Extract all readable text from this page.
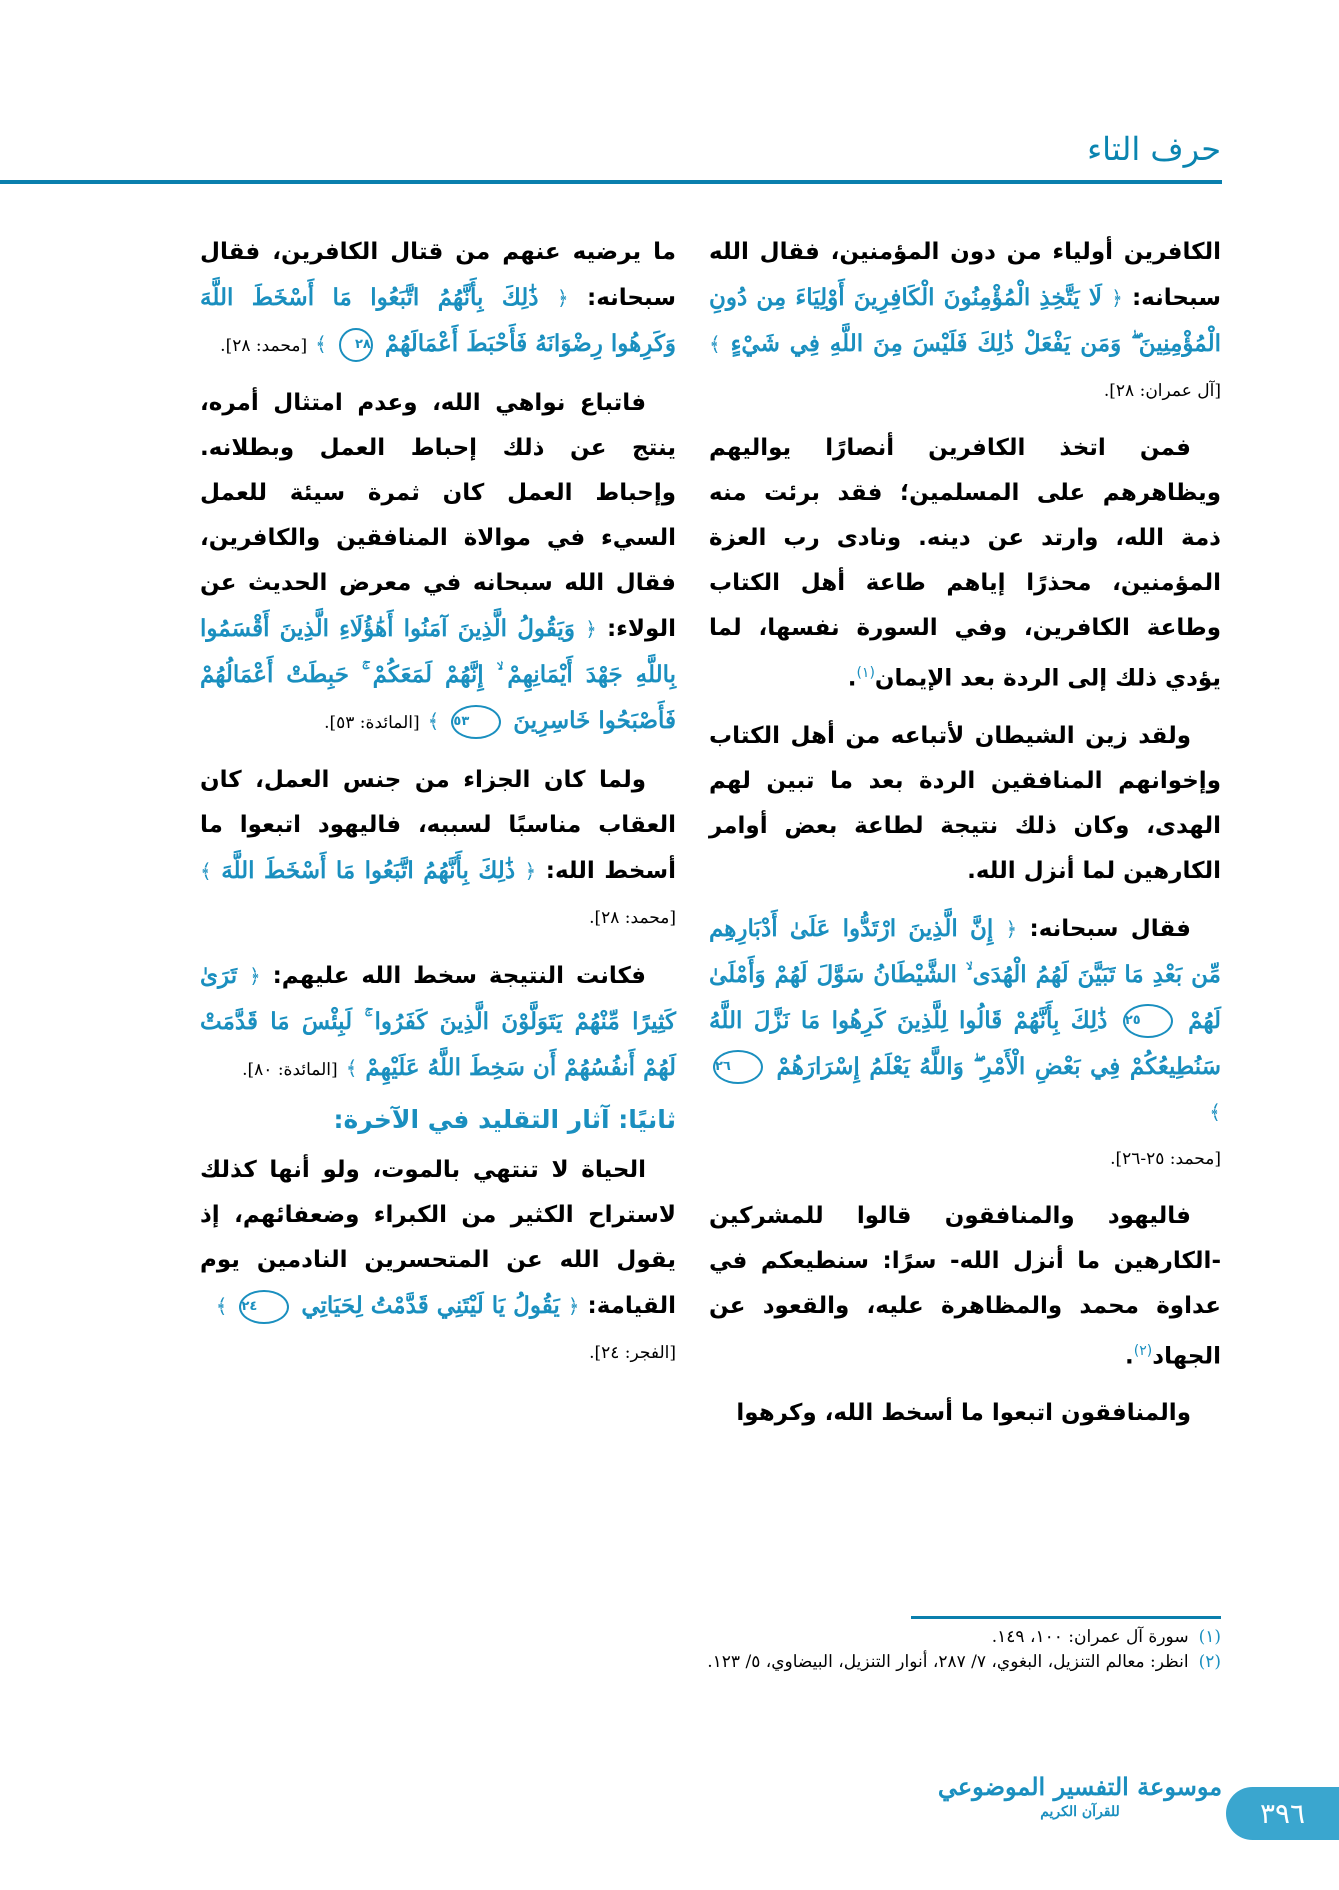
حرف التاء

الكافرين أولياء من دون المؤمنين، فقال الله سبحانه: ﴿ لَا يَتَّخِذِ الْمُؤْمِنُونَ الْكَافِرِينَ أَوْلِيَاءَ مِن دُونِ الْمُؤْمِنِينَ ۖ وَمَن يَفْعَلْ ذَٰلِكَ فَلَيْسَ مِنَ اللَّهِ فِي شَيْءٍ ﴾ [آل عمران: ٢٨].

فمن اتخذ الكافرين أنصارًا يواليهم ويظاهرهم على المسلمين؛ فقد برئت منه ذمة الله، وارتد عن دينه. ونادى رب العزة المؤمنين، محذرًا إياهم طاعة أهل الكتاب وطاعة الكافرين، وفي السورة نفسها، لما يؤدي ذلك إلى الردة بعد الإيمان$^{(١)}$.

ولقد زين الشيطان لأتباعه من أهل الكتاب وإخوانهم المنافقين الردة بعد ما تبين لهم الهدى، وكان ذلك نتيجة لطاعة بعض أوامر الكارهين لما أنزل الله.

فقال سبحانه: ﴿ إِنَّ الَّذِينَ ارْتَدُّوا عَلَىٰ أَدْبَارِهِم مِّن بَعْدِ مَا تَبَيَّنَ لَهُمُ الْهُدَى ۙ الشَّيْطَانُ سَوَّلَ لَهُمْ وَأَمْلَىٰ لَهُمْ ٢٥ ذَٰلِكَ بِأَنَّهُمْ قَالُوا لِلَّذِينَ كَرِهُوا مَا نَزَّلَ اللَّهُ سَنُطِيعُكُمْ فِي بَعْضِ الْأَمْرِ ۖ وَاللَّهُ يَعْلَمُ إِسْرَارَهُمْ ٢٦ ﴾
[محمد: ٢٥-٢٦].

فاليهود والمنافقون قالوا للمشركين -الكارهين ما أنزل الله- سرًا: سنطيعكم في عداوة محمد والمظاهرة عليه، والقعود عن الجهاد$^{(٢)}$.

والمنافقون اتبعوا ما أسخط الله، وكرهوا

ما يرضيه عنهم من قتال الكافرين، فقال سبحانه: ﴿ ذَٰلِكَ بِأَنَّهُمُ اتَّبَعُوا مَا أَسْخَطَ اللَّهَ وَكَرِهُوا رِضْوَانَهُ فَأَحْبَطَ أَعْمَالَهُمْ ٢٨ ﴾ [محمد: ٢٨].

فاتباع نواهي الله، وعدم امتثال أمره، ينتج عن ذلك إحباط العمل وبطلانه. وإحباط العمل كان ثمرة سيئة للعمل السيء في موالاة المنافقين والكافرين، فقال الله سبحانه في معرض الحديث عن الولاء: ﴿ وَيَقُولُ الَّذِينَ آمَنُوا أَهَٰؤُلَاءِ الَّذِينَ أَقْسَمُوا بِاللَّهِ جَهْدَ أَيْمَانِهِمْ ۙ إِنَّهُمْ لَمَعَكُمْ ۚ حَبِطَتْ أَعْمَالُهُمْ فَأَصْبَحُوا خَاسِرِينَ ٥٣ ﴾ [المائدة: ٥٣].

ولما كان الجزاء من جنس العمل، كان العقاب مناسبًا لسببه، فاليهود اتبعوا ما أسخط الله: ﴿ ذَٰلِكَ بِأَنَّهُمُ اتَّبَعُوا مَا أَسْخَطَ اللَّهَ ﴾ [محمد: ٢٨].

فكانت النتيجة سخط الله عليهم: ﴿ تَرَىٰ كَثِيرًا مِّنْهُمْ يَتَوَلَّوْنَ الَّذِينَ كَفَرُوا ۚ لَبِئْسَ مَا قَدَّمَتْ لَهُمْ أَنفُسُهُمْ أَن سَخِطَ اللَّهُ عَلَيْهِمْ ﴾ [المائدة: ٨٠].

ثانيًا: آثار التقليد في الآخرة:

الحياة لا تنتهي بالموت، ولو أنها كذلك لاستراح الكثير من الكبراء وضعفائهم، إذ يقول الله عن المتحسرين النادمين يوم القيامة: ﴿ يَقُولُ يَا لَيْتَنِي قَدَّمْتُ لِحَيَاتِي ٢٤ ﴾
[الفجر: ٢٤].

(١)
سورة آل عمران: ١٠٠، ١٤٩.
(٢)
انظر: معالم التنزيل، البغوي، ٧/ ٢٨٧، أنوار التنزيل، البيضاوي، ٥/ ١٢٣.
موسوعة التفسير الموضوعي
للقرآن الكريم	٣٩٦
